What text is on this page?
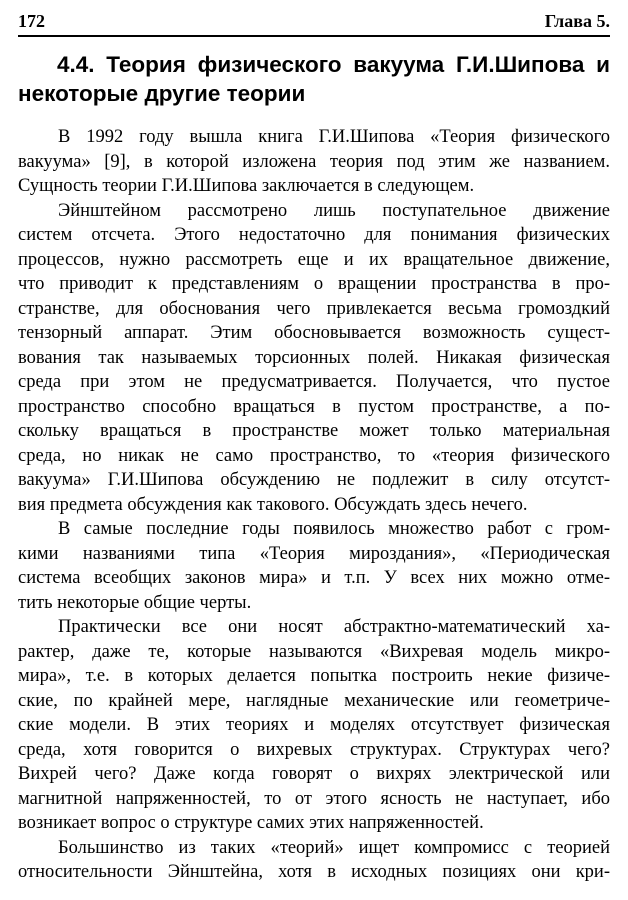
172	Глава 5.
4.4. Теория физического вакуума Г.И.Шипова и
некоторые другие теории
В 1992 году вышла книга Г.И.Шипова «Теория физического
вакуума» [9], в которой изложена теория под этим же названием.
Сущность теории Г.И.Шипова заключается в следующем.
Эйнштейном рассмотрено лишь поступательное движение
систем отсчета. Этого недостаточно для понимания физических
процессов, нужно рассмотреть еще и их вращательное движение,
что приводит к представлениям о вращении пространства в про-
странстве, для обоснования чего привлекается весьма громоздкий
тензорный аппарат. Этим обосновывается возможность сущест-
вования так называемых торсионных полей. Никакая физическая
среда при этом не предусматривается. Получается, что пустое
пространство способно вращаться в пустом пространстве, а по-
скольку вращаться в пространстве может только материальная
среда, но никак не само пространство, то «теория физического
вакуума» Г.И.Шипова обсуждению не подлежит в силу отсутст-
вия предмета обсуждения как такового. Обсуждать здесь нечего.
В самые последние годы появилось множество работ с гром-
кими названиями типа «Теория мироздания», «Периодическая
система всеобщих законов мира» и т.п. У всех них можно отме-
тить некоторые общие черты.
Практически все они носят абстрактно-математический ха-
рактер, даже те, которые называются «Вихревая модель микро-
мира», т.е. в которых делается попытка построить некие физиче-
ские, по крайней мере, наглядные механические или геометриче-
ские модели. В этих теориях и моделях отсутствует физическая
среда, хотя говорится о вихревых структурах. Структурах чего?
Вихрей чего? Даже когда говорят о вихрях электрической или
магнитной напряженностей, то от этого ясность не наступает, ибо
возникает вопрос о структуре самих этих напряженностей.
Большинство из таких «теорий» ищет компромисс с теорией
относительности Эйнштейна, хотя в исходных позициях они кри-
